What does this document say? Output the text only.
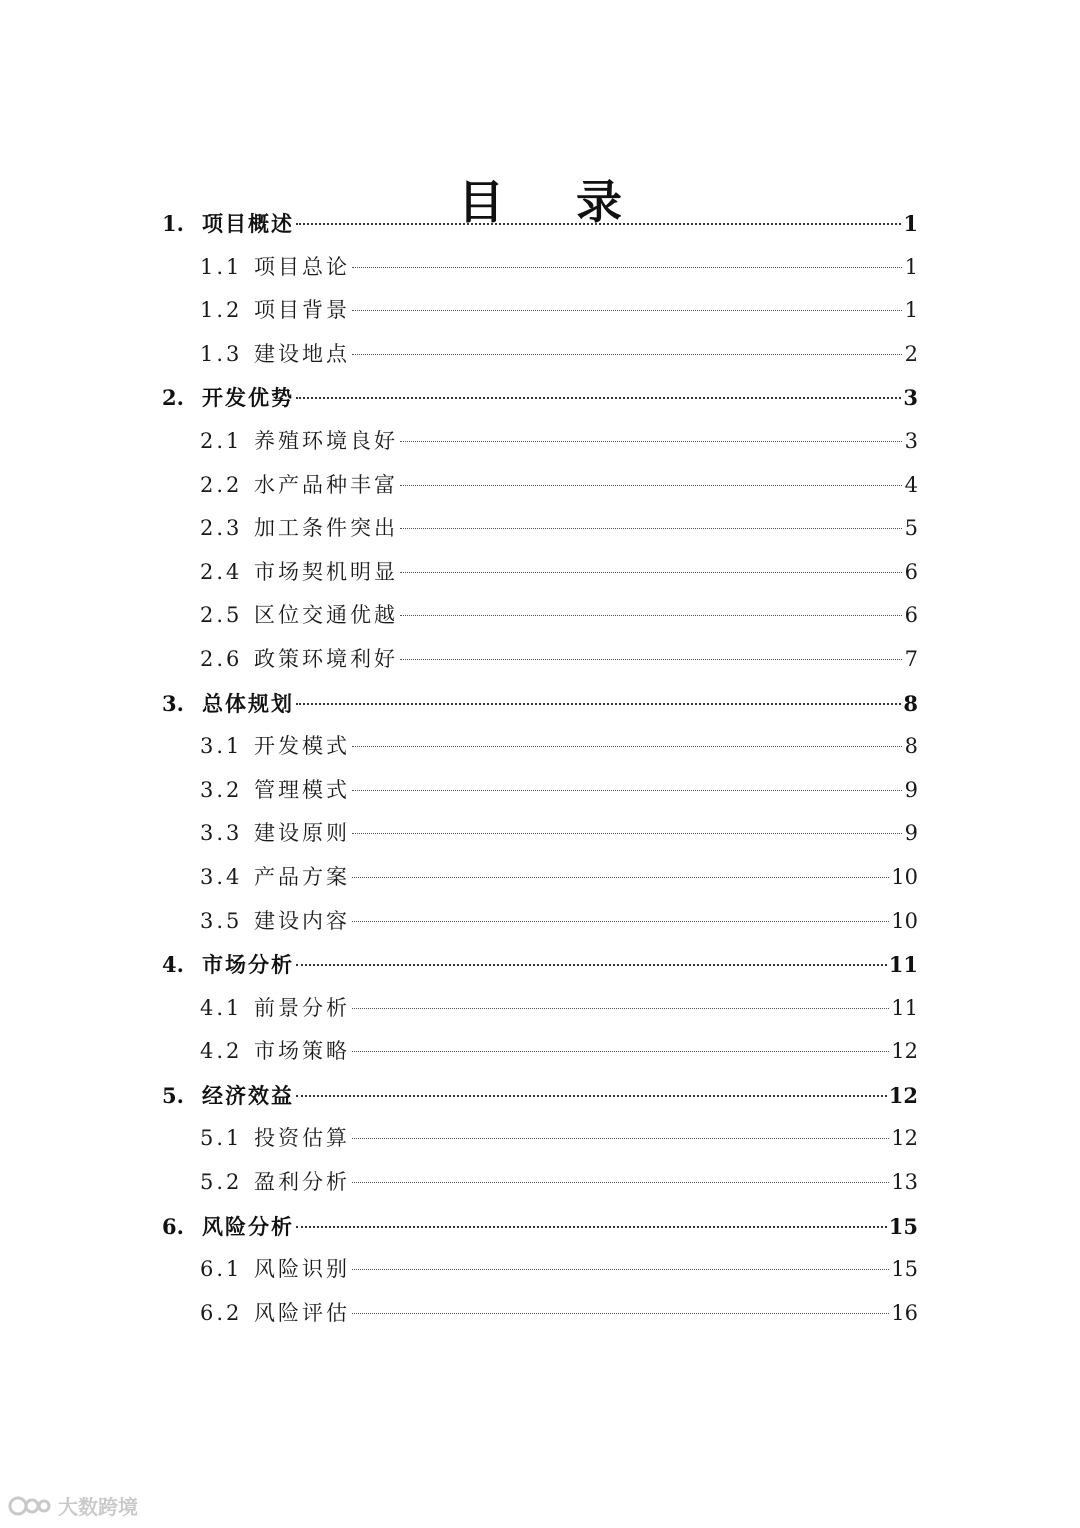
目 录
1. 项目概述	1
1.1 项目总论	1
1.2 项目背景	1
1.3 建设地点	2
2. 开发优势	3
2.1 养殖环境良好	3
2.2 水产品种丰富	4
2.3 加工条件突出	5
2.4 市场契机明显	6
2.5 区位交通优越	6
2.6 政策环境利好	7
3. 总体规划	8
3.1 开发模式	8
3.2 管理模式	9
3.3 建设原则	9
3.4 产品方案	10
3.5 建设内容	10
4. 市场分析	11
4.1 前景分析	11
4.2 市场策略	12
5. 经济效益	12
5.1 投资估算	12
5.2 盈利分析	13
6. 风险分析	15
6.1 风险识别	15
6.2 风险评估	16
大数跨境
